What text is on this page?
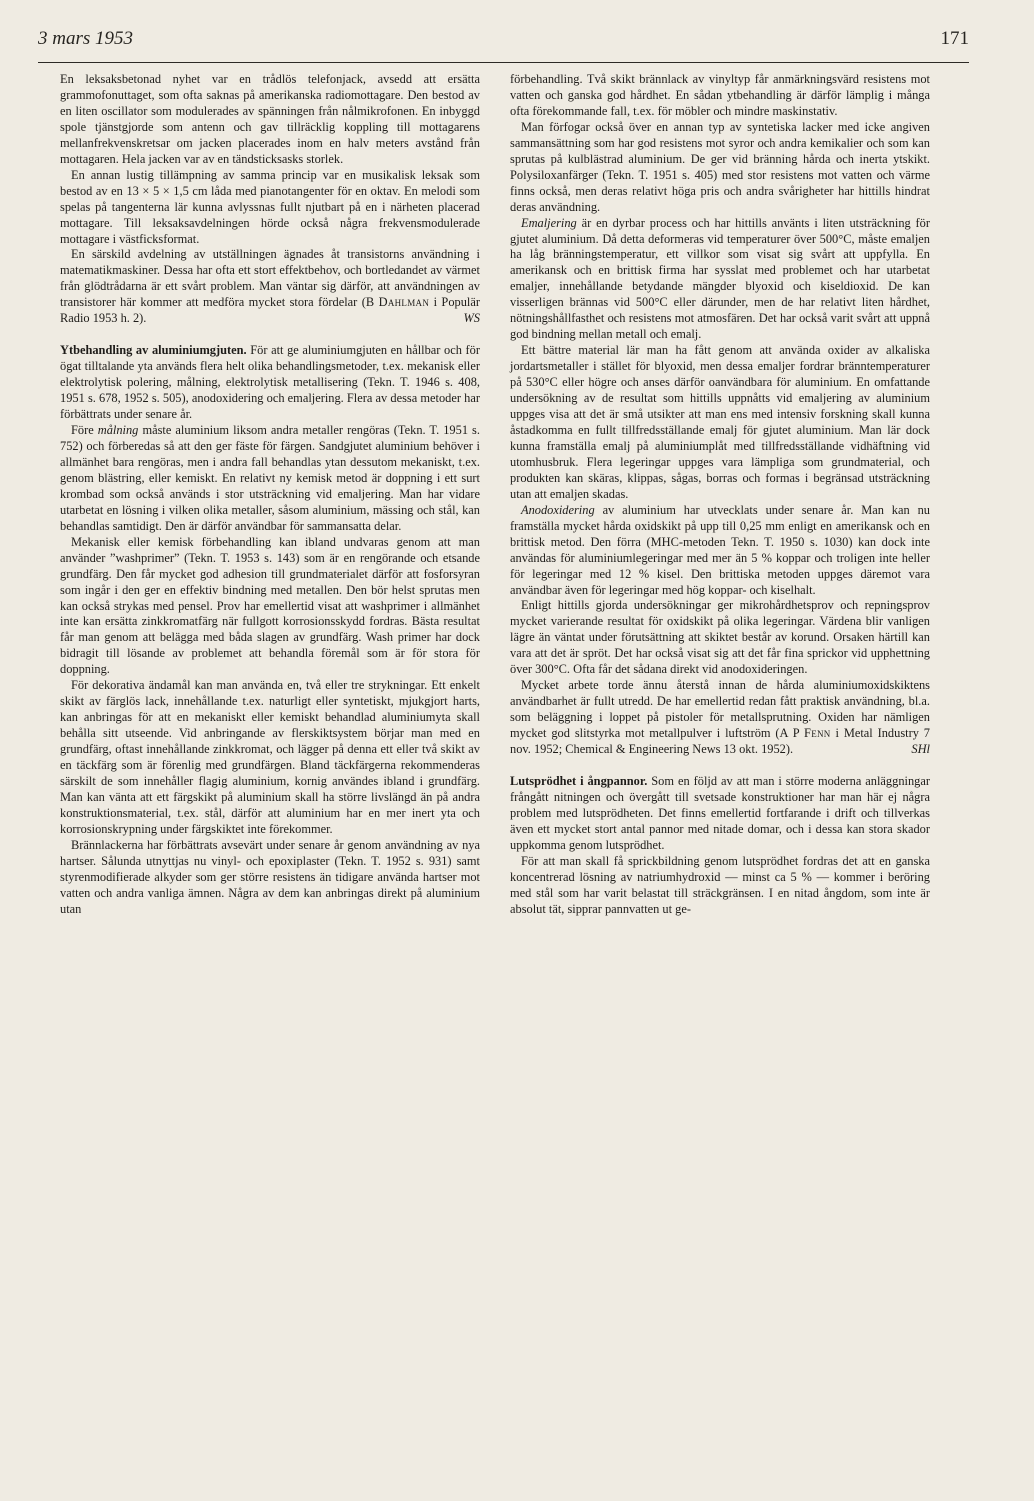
3 mars 1953	171

En leksaksbetonad nyhet var en trådlös telefonjack, avsedd att ersätta grammofonuttaget, som ofta saknas på amerikanska radiomottagare. Den bestod av en liten oscillator som modulerades av spänningen från nålmikrofonen. En inbyggd spole tjänstgjorde som antenn och gav tillräcklig koppling till mottagarens mellanfrekvenskretsar om jacken placerades inom en halv meters avstånd från mottagaren. Hela jacken var av en tändsticksasks storlek.

En annan lustig tillämpning av samma princip var en musikalisk leksak som bestod av en 13 × 5 × 1,5 cm låda med pianotangenter för en oktav. En melodi som spelas på tangenterna lär kunna avlyssnas fullt njutbart på en i närheten placerad mottagare. Till leksaksavdelningen hörde också några frekvensmodulerade mottagare i västficksformat.

En särskild avdelning av utställningen ägnades åt transistorns användning i matematikmaskiner. Dessa har ofta ett stort effektbehov, och bortledandet av värmet från glödtrådarna är ett svårt problem. Man väntar sig därför, att användningen av transistorer här kommer att medföra mycket stora fördelar (B Dahlman i Populär Radio 1953 h. 2).	WS

Ytbehandling av aluminiumgjuten. För att ge aluminiumgjuten en hållbar och för ögat tilltalande yta används flera helt olika behandlingsmetoder, t.ex. mekanisk eller elektrolytisk polering, målning, elektrolytisk metallisering (Tekn. T. 1946 s. 408, 1951 s. 678, 1952 s. 505), anodoxidering och emaljering. Flera av dessa metoder har förbättrats under senare år.

Före målning måste aluminium liksom andra metaller rengöras (Tekn. T. 1951 s. 752) och förberedas så att den ger fäste för färgen. Sandgjutet aluminium behöver i allmänhet bara rengöras, men i andra fall behandlas ytan dessutom mekaniskt, t.ex. genom blästring, eller kemiskt. En relativt ny kemisk metod är doppning i ett surt krombad som också används i stor utsträckning vid emaljering. Man har vidare utarbetat en lösning i vilken olika metaller, såsom aluminium, mässing och stål, kan behandlas samtidigt. Den är därför användbar för sammansatta delar.

Mekanisk eller kemisk förbehandling kan ibland undvaras genom att man använder ”washprimer” (Tekn. T. 1953 s. 143) som är en rengörande och etsande grundfärg. Den får mycket god adhesion till grundmaterialet därför att fosforsyran som ingår i den ger en effektiv bindning med metallen. Den bör helst sprutas men kan också strykas med pensel. Prov har emellertid visat att washprimer i allmänhet inte kan ersätta zinkkromatfärg när fullgott korrosionsskydd fordras. Bästa resultat får man genom att belägga med båda slagen av grundfärg. Wash primer har dock bidragit till lösande av problemet att behandla föremål som är för stora för doppning.

För dekorativa ändamål kan man använda en, två eller tre strykningar. Ett enkelt skikt av färglös lack, innehållande t.ex. naturligt eller syntetiskt, mjukgjort harts, kan anbringas för att en mekaniskt eller kemiskt behandlad aluminiumyta skall behålla sitt utseende. Vid anbringande av flerskiktsystem börjar man med en grundfärg, oftast innehållande zinkkromat, och lägger på denna ett eller två skikt av en täckfärg som är förenlig med grundfärgen. Bland täckfärgerna rekommenderas särskilt de som innehåller flagig aluminium, kornig användes ibland i grundfärg. Man kan vänta att ett färgskikt på aluminium skall ha större livslängd än på andra konstruktionsmaterial, t.ex. stål, därför att aluminium har en mer inert yta och korrosionskrypning under färgskiktet inte förekommer.

Brännlackerna har förbättrats avsevärt under senare år genom användning av nya hartser. Sålunda utnyttjas nu vinyl- och epoxiplaster (Tekn. T. 1952 s. 931) samt styrenmodifierade alkyder som ger större resistens än tidigare använda hartser mot vatten och andra vanliga ämnen. Några av dem kan anbringas direkt på aluminium utan

förbehandling. Två skikt brännlack av vinyltyp får anmärkningsvärd resistens mot vatten och ganska god hårdhet. En sådan ytbehandling är därför lämplig i många ofta förekommande fall, t.ex. för möbler och mindre maskinstativ.

Man förfogar också över en annan typ av syntetiska lacker med icke angiven sammansättning som har god resistens mot syror och andra kemikalier och som kan sprutas på kulblästrad aluminium. De ger vid bränning hårda och inerta ytskikt. Polysiloxanfärger (Tekn. T. 1951 s. 405) med stor resistens mot vatten och värme finns också, men deras relativt höga pris och andra svårigheter har hittills hindrat deras användning.

Emaljering är en dyrbar process och har hittills använts i liten utsträckning för gjutet aluminium. Då detta deformeras vid temperaturer över 500°C, måste emaljen ha låg bränningstemperatur, ett villkor som visat sig svårt att uppfylla. En amerikansk och en brittisk firma har sysslat med problemet och har utarbetat emaljer, innehållande betydande mängder blyoxid och kiseldioxid. De kan visserligen brännas vid 500°C eller därunder, men de har relativt liten hårdhet, nötningshållfasthet och resistens mot atmosfären. Det har också varit svårt att uppnå god bindning mellan metall och emalj.

Ett bättre material lär man ha fått genom att använda oxider av alkaliska jordartsmetaller i stället för blyoxid, men dessa emaljer fordrar bränntemperaturer på 530°C eller högre och anses därför oanvändbara för aluminium. En omfattande undersökning av de resultat som hittills uppnåtts vid emaljering av aluminium uppges visa att det är små utsikter att man ens med intensiv forskning skall kunna åstadkomma en fullt tillfredsställande emalj för gjutet aluminium. Man lär dock kunna framställa emalj på aluminiumplåt med tillfredsställande vidhäftning vid utomhusbruk. Flera legeringar uppges vara lämpliga som grundmaterial, och produkten kan skäras, klippas, sågas, borras och formas i begränsad utsträckning utan att emaljen skadas.

Anodoxidering av aluminium har utvecklats under senare år. Man kan nu framställa mycket hårda oxidskikt på upp till 0,25 mm enligt en amerikansk och en brittisk metod. Den förra (MHC-metoden Tekn. T. 1950 s. 1030) kan dock inte användas för aluminiumlegeringar med mer än 5 % koppar och troligen inte heller för legeringar med 12 % kisel. Den brittiska metoden uppges däremot vara användbar även för legeringar med hög koppar- och kiselhalt.

Enligt hittills gjorda undersökningar ger mikrohårdhetsprov och repningsprov mycket varierande resultat för oxidskikt på olika legeringar. Värdena blir vanligen lägre än väntat under förutsättning att skiktet består av korund. Orsaken härtill kan vara att det är spröt. Det har också visat sig att det får fina sprickor vid upphettning över 300°C. Ofta får det sådana direkt vid anodoxideringen.

Mycket arbete torde ännu återstå innan de hårda aluminiumoxidskiktens användbarhet är fullt utredd. De har emellertid redan fått praktisk användning, bl.a. som beläggning i loppet på pistoler för metallsprutning. Oxiden har nämligen mycket god slitstyrka mot metallpulver i luftström (A P Fenn i Metal Industry 7 nov. 1952; Chemical & Engineering News 13 okt. 1952).	SHl

Lutsprödhet i ångpannor. Som en följd av att man i större moderna anläggningar frångått nitningen och övergått till svetsade konstruktioner har man här ej några problem med lutsprödheten. Det finns emellertid fortfarande i drift och tillverkas även ett mycket stort antal pannor med nitade domar, och i dessa kan stora skador uppkomma genom lutsprödhet.

För att man skall få sprickbildning genom lutsprödhet fordras det att en ganska koncentrerad lösning av natriumhydroxid — minst ca 5 % — kommer i beröring med stål som har varit belastat till sträckgränsen. I en nitad ångdom, som inte är absolut tät, sipprar pannvatten ut ge-
